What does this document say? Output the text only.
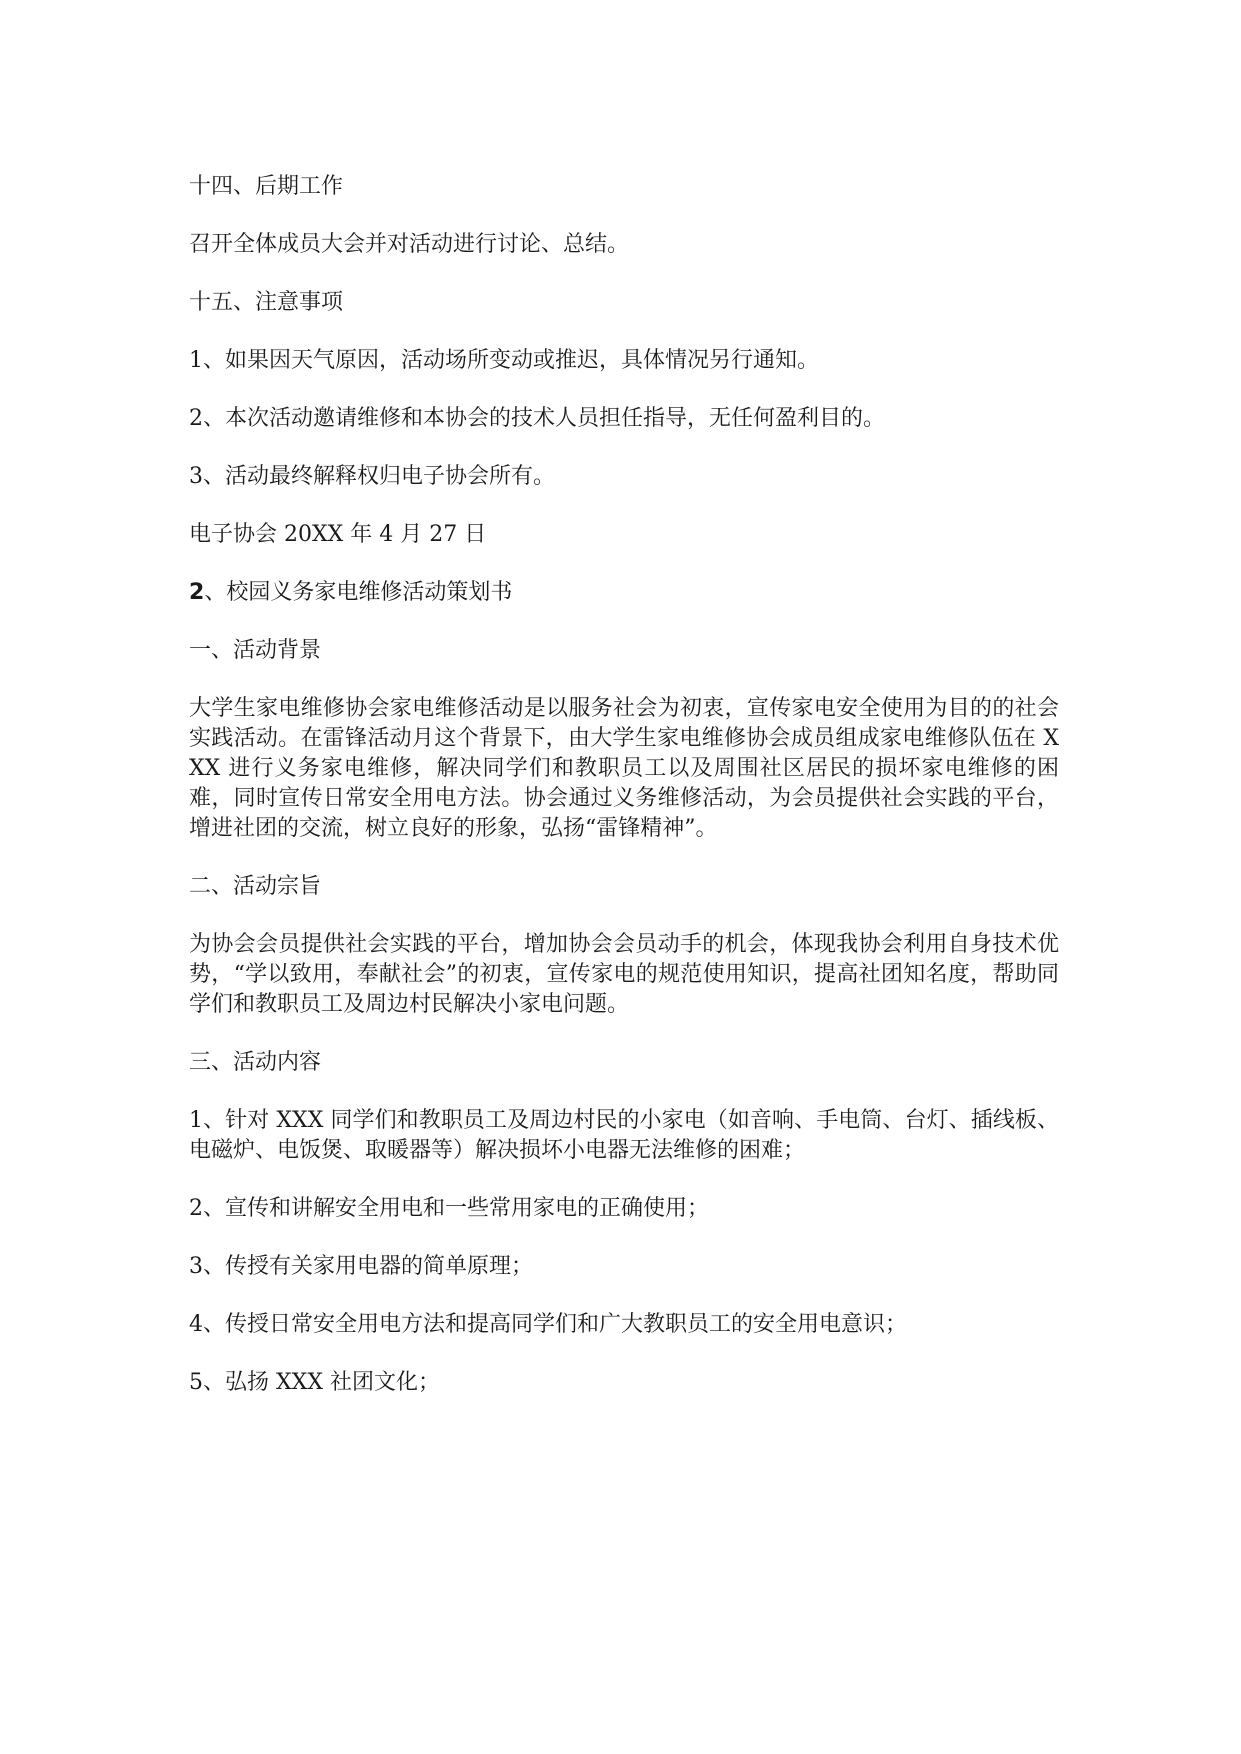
十四、后期工作

召开全体成员大会并对活动进行讨论、总结。

十五、注意事项

1、如果因天气原因，活动场所变动或推迟，具体情况另行通知。

2、本次活动邀请维修和本协会的技术人员担任指导，无任何盈利目的。

3、活动最终解释权归电子协会所有。

电子协会 20XX 年 4 月 27 日

2、校园义务家电维修活动策划书

一、活动背景

大学生家电维修协会家电维修活动是以服务社会为初衷，宣传家电安全使用为目的的社会实践活动。在雷锋活动月这个背景下，由大学生家电维修协会成员组成家电维修队伍在 XXX 进行义务家电维修，解决同学们和教职员工以及周围社区居民的损坏家电维修的困难，同时宣传日常安全用电方法。协会通过义务维修活动，为会员提供社会实践的平台，增进社团的交流，树立良好的形象，弘扬“雷锋精神”。

二、活动宗旨

为协会会员提供社会实践的平台，增加协会会员动手的机会，体现我协会利用自身技术优势，“学以致用，奉献社会”的初衷，宣传家电的规范使用知识，提高社团知名度，帮助同学们和教职员工及周边村民解决小家电问题。

三、活动内容

1、针对 XXX 同学们和教职员工及周边村民的小家电（如音响、手电筒、台灯、插线板、电磁炉、电饭煲、取暖器等）解决损坏小电器无法维修的困难；

2、宣传和讲解安全用电和一些常用家电的正确使用；

3、传授有关家用电器的简单原理；

4、传授日常安全用电方法和提高同学们和广大教职员工的安全用电意识；

5、弘扬 XXX 社团文化；
